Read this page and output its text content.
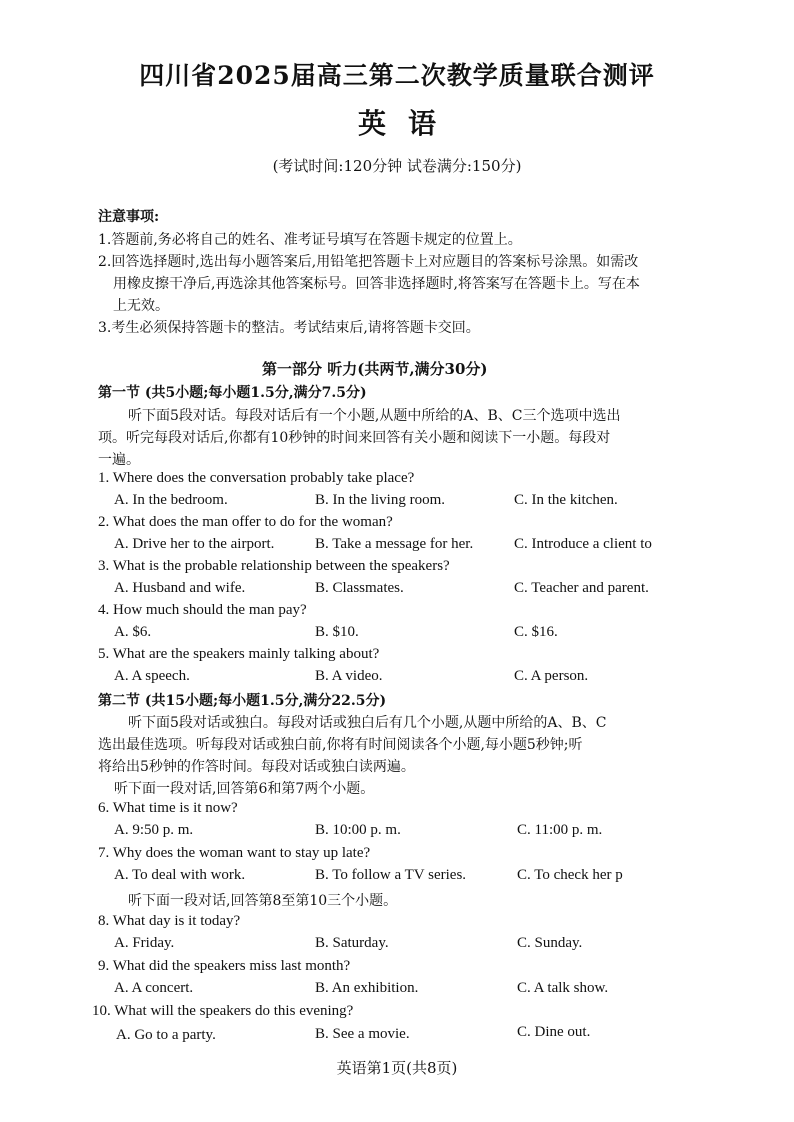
四川省2025届高三第二次教学质量联合测评
英语
(考试时间:120分钟 试卷满分:150分)
注意事项:
1.答题前,务必将自己的姓名、准考证号填写在答题卡规定的位置上。
2.回答选择题时,选出每小题答案后,用铅笔把答题卡上对应题目的答案标号涂黑。如需改
用橡皮擦干净后,再选涂其他答案标号。回答非选择题时,将答案写在答题卡上。写在本
上无效。
3.考生必须保持答题卡的整洁。考试结束后,请将答题卡交回。
第一部分 听力(共两节,满分30分)
第一节 (共5小题;每小题1.5分,满分7.5分)
听下面5段对话。每段对话后有一个小题,从题中所给的A、B、C三个选项中选出
项。听完每段对话后,你都有10秒钟的时间来回答有关小题和阅读下一小题。每段对
一遍。
1. Where does the conversation probably take place?
A. In the bedroom.	B. In the living room.	C. In the kitchen.
2. What does the man offer to do for the woman?
A. Drive her to the airport.	B. Take a message for her.	C. Introduce a client to
3. What is the probable relationship between the speakers?
A. Husband and wife.	B. Classmates.	C. Teacher and parent.
4. How much should the man pay?
A. $6.	B. $10.	C. $16.
5. What are the speakers mainly talking about?
A. A speech.	B. A video.	C. A person.
第二节 (共15小题;每小题1.5分,满分22.5分)
听下面5段对话或独白。每段对话或独白后有几个小题,从题中所给的A、B、C
选出最佳选项。听每段对话或独白前,你将有时间阅读各个小题,每小题5秒钟;听
将给出5秒钟的作答时间。每段对话或独白读两遍。
听下面一段对话,回答第6和第7两个小题。
6. What time is it now?
A. 9:50 p. m.	B. 10:00 p. m.	C. 11:00 p. m.
7. Why does the woman want to stay up late?
A. To deal with work.	B. To follow a TV series.	C. To check her p
听下面一段对话,回答第8至第10三个小题。
8. What day is it today?
A. Friday.	B. Saturday.	C. Sunday.
9. What did the speakers miss last month?
A. A concert.	B. An exhibition.	C. A talk show.
10. What will the speakers do this evening?
A. Go to a party.	B. See a movie.	C. Dine out.
英语第1页(共8页)
